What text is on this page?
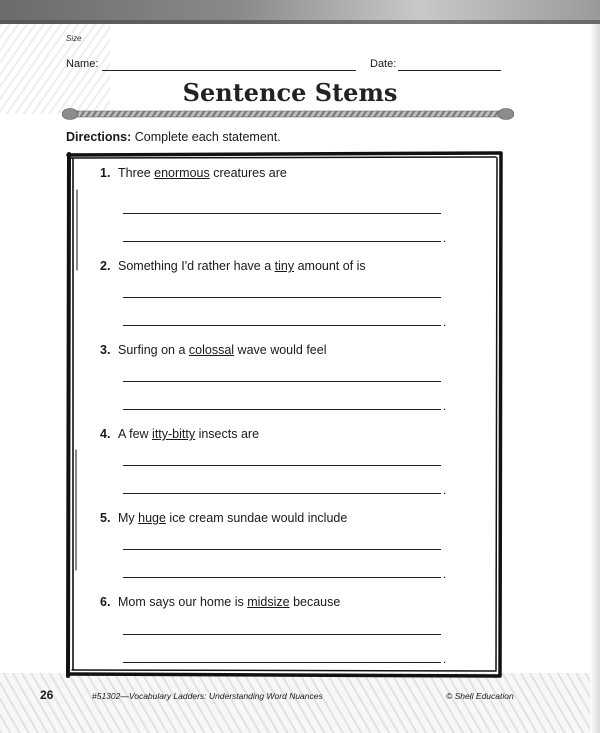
Size
Name:	Date:
Sentence Stems
Directions: Complete each statement.
1. Three enormous creatures are
.
2. Something I'd rather have a tiny amount of is
.
3. Surfing on a colossal wave would feel
.
4. A few itty-bitty insects are
.
5. My huge ice cream sundae would include
.
6. Mom says our home is midsize because
.
26	#51302—Vocabulary Ladders: Understanding Word Nuances	© Shell Education
